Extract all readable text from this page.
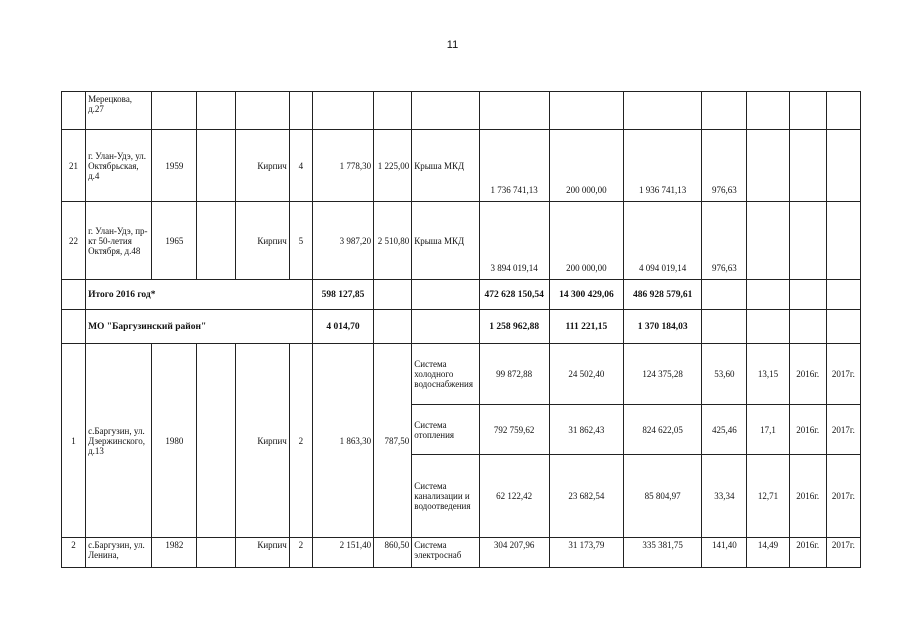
11
	Мерецкова, д.27														
21	г. Улан-Удэ, ул. Октябрьская, д.4	1959		Кирпич	4	1 778,30	1 225,00	Крыша МКД	1 736 741,13	200 000,00	1 936 741,13	976,63			
22	г. Улан-Удэ, пр-кт 50-летия Октября, д.48	1965		Кирпич	5	3 987,20	2 510,80	Крыша МКД	3 894 019,14	200 000,00	4 094 019,14	976,63			
	Итого 2016 год*					598 127,85			472 628 150,54	14 300 429,06	486 928 579,61				
	МО "Баргузинский район"					4 014,70			1 258 962,88	111 221,15	1 370 184,03				
1	с.Баргузин, ул. Дзержинского, д.13	1980		Кирпич	2	1 863,30	787,50	Система холодного водоснабжения	99 872,88	24 502,40	124 375,28	53,60	13,15	2016г.	2017г.
								Система отопления	792 759,62	31 862,43	824 622,05	425,46	17,1	2016г.	2017г.
								Система канализации и водоотведения	62 122,42	23 682,54	85 804,97	33,34	12,71	2016г.	2017г.
2	с.Баргузин, ул. Ленина,	1982		Кирпич	2	2 151,40	860,50	Система электроснаб	304 207,96	31 173,79	335 381,75	141,40	14,49	2016г.	2017г.
